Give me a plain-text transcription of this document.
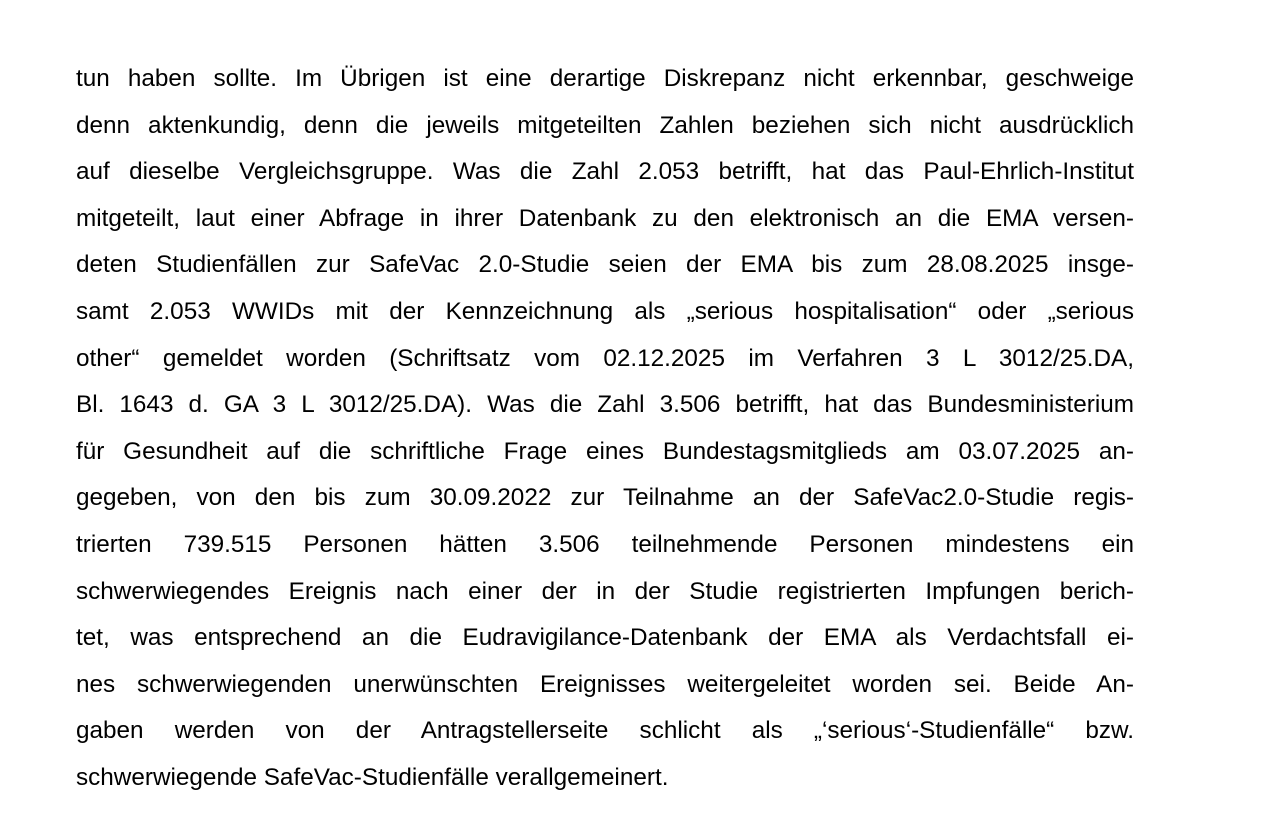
tun haben sollte. Im Übrigen ist eine derartige Diskrepanz nicht erkennbar, geschweige
denn aktenkundig, denn die jeweils mitgeteilten Zahlen beziehen sich nicht ausdrücklich
auf dieselbe Vergleichsgruppe. Was die Zahl 2.053 betrifft, hat das Paul-Ehrlich-Institut
mitgeteilt, laut einer Abfrage in ihrer Datenbank zu den elektronisch an die EMA versen-
deten Studienfällen zur SafeVac 2.0-Studie seien der EMA bis zum 28.08.2025 insge-
samt 2.053 WWIDs mit der Kennzeichnung als „serious hospitalisation“ oder „serious
other“ gemeldet worden (Schriftsatz vom 02.12.2025 im Verfahren 3 L 3012/25.DA,
Bl. 1643 d. GA 3 L 3012/25.DA). Was die Zahl 3.506 betrifft, hat das Bundesministerium
für Gesundheit auf die schriftliche Frage eines Bundestagsmitglieds am 03.07.2025 an-
gegeben, von den bis zum 30.09.2022 zur Teilnahme an der SafeVac2.0-Studie regis-
trierten 739.515 Personen hätten 3.506 teilnehmende Personen mindestens ein
schwerwiegendes Ereignis nach einer der in der Studie registrierten Impfungen berich-
tet, was entsprechend an die Eudravigilance-Datenbank der EMA als Verdachtsfall ei-
nes schwerwiegenden unerwünschten Ereignisses weitergeleitet worden sei. Beide An-
gaben werden von der Antragstellerseite schlicht als „‘serious‘-Studienfälle“ bzw.
schwerwiegende SafeVac-Studienfälle verallgemeinert.
